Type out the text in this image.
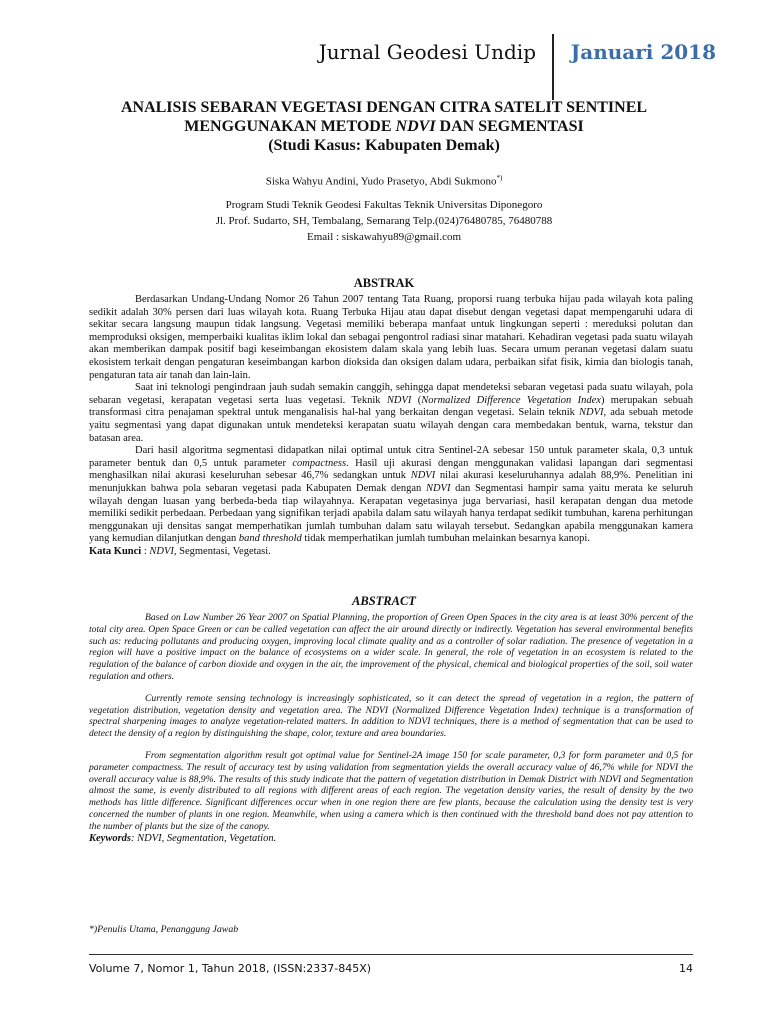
Jurnal Geodesi Undip Januari 2018
ANALISIS SEBARAN VEGETASI DENGAN CITRA SATELIT SENTINEL
MENGGUNAKAN METODE NDVI DAN SEGMENTASI
(Studi Kasus: Kabupaten Demak)
Siska Wahyu Andini, Yudo Prasetyo, Abdi Sukmono*)
Program Studi Teknik Geodesi Fakultas Teknik Universitas Diponegoro
Jl. Prof. Sudarto, SH, Tembalang, Semarang Telp.(024)76480785, 76480788
Email : siskawahyu89@gmail.com
ABSTRAK

Berdasarkan Undang-Undang Nomor 26 Tahun 2007 tentang Tata Ruang, proporsi ruang terbuka hijau pada wilayah kota paling sedikit adalah 30% persen dari luas wilayah kota. Ruang Terbuka Hijau atau dapat disebut dengan vegetasi dapat mempengaruhi udara di sekitar secara langsung maupun tidak langsung. Vegetasi memiliki beberapa manfaat untuk lingkungan seperti : mereduksi polutan dan memproduksi oksigen, memperbaiki kualitas iklim lokal dan sebagai pengontrol radiasi sinar matahari. Kehadiran vegetasi pada suatu wilayah akan memberikan dampak positif bagi keseimbangan ekosistem dalam skala yang lebih luas. Secara umum peranan vegetasi dalam suatu ekosistem terkait dengan pengaturan keseimbangan karbon dioksida dan oksigen dalam udara, perbaikan sifat fisik, kimia dan biologis tanah, pengaturan tata air tanah dan lain-lain.

Saat ini teknologi pengindraan jauh sudah semakin canggih, sehingga dapat mendeteksi sebaran vegetasi pada suatu wilayah, pola sebaran vegetasi, kerapatan vegetasi serta luas vegetasi. Teknik NDVI (Normalized Difference Vegetation Index) merupakan sebuah transformasi citra penajaman spektral untuk menganalisis hal-hal yang berkaitan dengan vegetasi. Selain teknik NDVI, ada sebuah metode yaitu segmentasi yang dapat digunakan untuk mendeteksi kerapatan suatu wilayah dengan cara membedakan bentuk, warna, tekstur dan batasan area.

Dari hasil algoritma segmentasi didapatkan nilai optimal untuk citra Sentinel-2A sebesar 150 untuk parameter skala, 0,3 untuk parameter bentuk dan 0,5 untuk parameter compactness. Hasil uji akurasi dengan menggunakan validasi lapangan dari segmentasi menghasilkan nilai akurasi keseluruhan sebesar 46,7% sedangkan untuk NDVI nilai akurasi keseluruhannya adalah 88,9%. Penelitian ini menunjukkan bahwa pola sebaran vegetasi pada Kabupaten Demak dengan NDVI dan Segmentasi hampir sama yaitu merata ke seluruh wilayah dengan luasan yang berbeda-beda tiap wilayahnya. Kerapatan vegetasinya juga bervariasi, hasil kerapatan dengan dua metode memiliki sedikit perbedaan. Perbedaan yang signifikan terjadi apabila dalam satu wilayah hanya terdapat sedikit tumbuhan, karena perhitungan menggunakan uji densitas sangat memperhatikan jumlah tumbuhan dalam satu wilayah tersebut. Sedangkan apabila menggunakan kamera yang kemudian dilanjutkan dengan band threshold tidak memperhatikan jumlah tumbuhan melainkan besarnya kanopi.

Kata Kunci : NDVI, Segmentasi, Vegetasi.
ABSTRACT

Based on Law Number 26 Year 2007 on Spatial Planning, the proportion of Green Open Spaces in the city area is at least 30% percent of the total city area. Open Space Green or can be called vegetation can affect the air around directly or indirectly. Vegetation has several environmental benefits such as: reducing pollutants and producing oxygen, improving local climate quality and as a controller of solar radiation. The presence of vegetation in a region will have a positive impact on the balance of ecosystems on a wider scale. In general, the role of vegetation in an ecosystem is related to the regulation of the balance of carbon dioxide and oxygen in the air, the improvement of the physical, chemical and biological properties of the soil, soil water regulation and others.

Currently remote sensing technology is increasingly sophisticated, so it can detect the spread of vegetation in a region, the pattern of vegetation distribution, vegetation density and vegetation area. The NDVI (Normalized Difference Vegetation Index) technique is a transformation of spectral sharpening images to analyze vegetation-related matters. In addition to NDVI techniques, there is a method of segmentation that can be used to detect the density of a region by distinguishing the shape, color, texture and area boundaries.

From segmentation algorithm result got optimal value for Sentinel-2A image 150 for scale parameter, 0,3 for form parameter and 0,5 for parameter compactness. The result of accuracy test by using validation from segmentation yields the overall accuracy value of 46,7% while for NDVI the overall accuracy value is 88,9%. The results of this study indicate that the pattern of vegetation distribution in Demak District with NDVI and Segmentation almost the same, is evenly distributed to all regions with different areas of each region. The vegetation density varies, the result of density by the two methods has little difference. Significant differences occur when in one region there are few plants, because the calculation using the density test is very concerned the number of plants in one region. Meanwhile, when using a camera which is then continued with the threshold band does not pay attention to the number of plants but the size of the canopy.

Keywords: NDVI, Segmentation, Vegetation.
*)Penulis Utama, Penanggung Jawab
Volume 7, Nomor 1, Tahun 2018, (ISSN:2337-845X)	14
